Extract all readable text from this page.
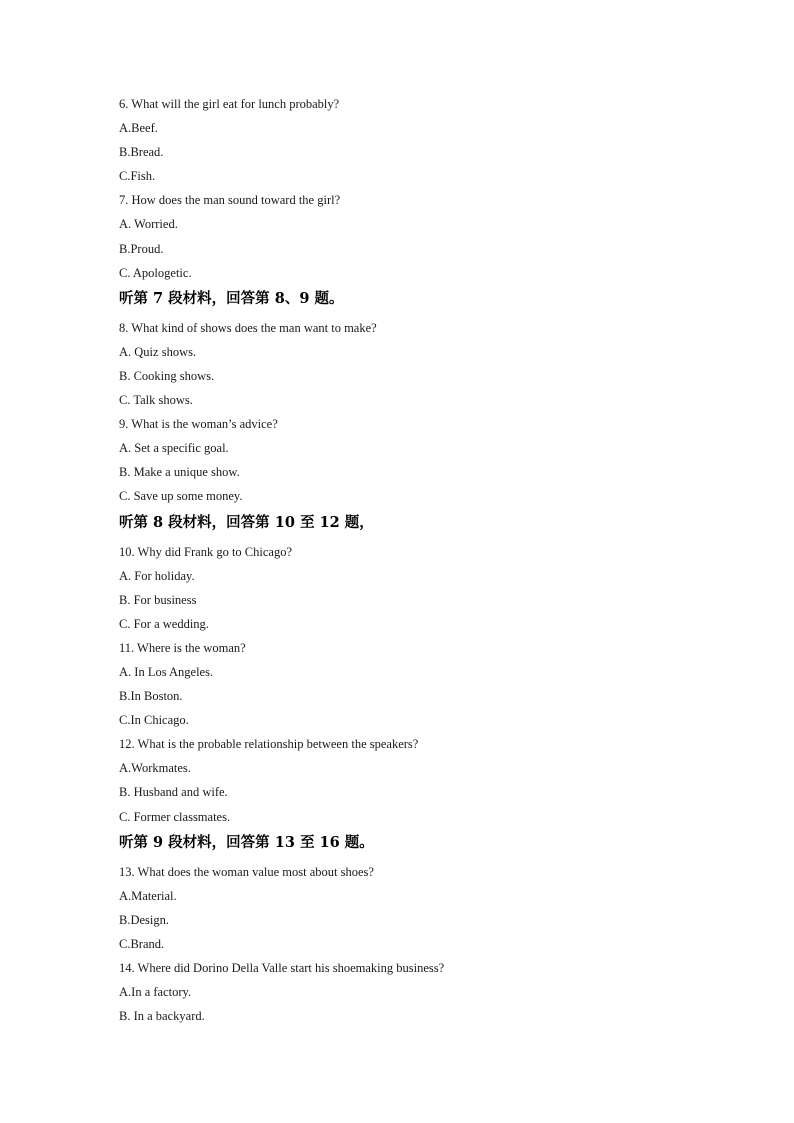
6. What will the girl eat for lunch probably?
A.Beef.
B.Bread.
C.Fish.
7. How does the man sound toward the girl?
A. Worried.
B.Proud.
C. Apologetic.
听第 7 段材料，回答第 8、9 题。
8. What kind of shows does the man want to make?
A. Quiz shows.
B. Cooking shows.
C. Talk shows.
9. What is the woman’s advice?
A. Set a specific goal.
B. Make a unique show.
C. Save up some money.
听第 8 段材料，回答第 10 至 12 题，
10. Why did Frank go to Chicago?
A. For holiday.
B. For business
C. For a wedding.
11. Where is the woman?
A. In Los Angeles.
B.In Boston.
C.In Chicago.
12. What is the probable relationship between the speakers?
A.Workmates.
B. Husband and wife.
C. Former classmates.
听第 9 段材料，回答第 13 至 16 题。
13. What does the woman value most about shoes?
A.Material.
B.Design.
C.Brand.
14. Where did Dorino Della Valle start his shoemaking business?
A.In a factory.
B. In a backyard.
